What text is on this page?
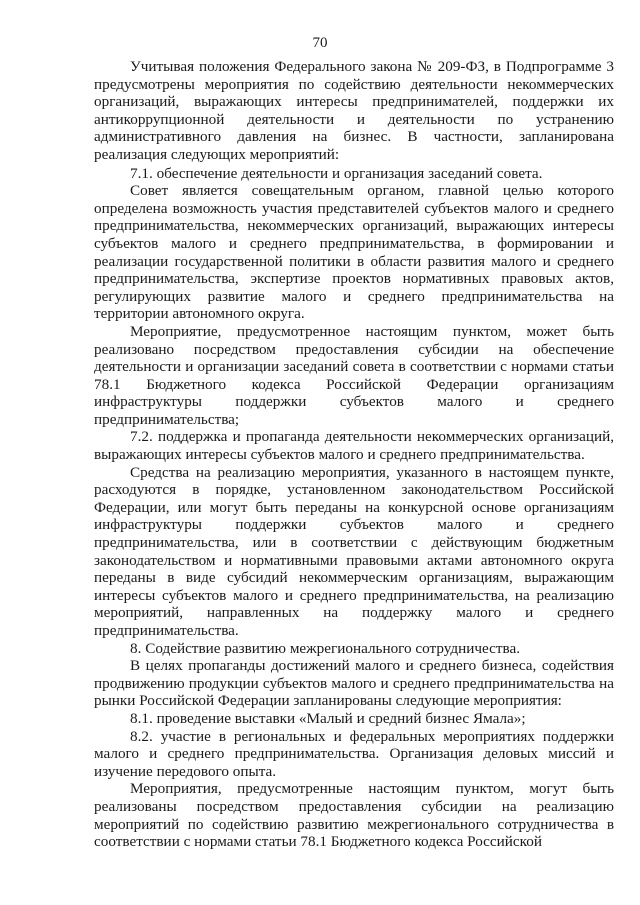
70

Учитывая положения Федерального закона № 209-ФЗ, в Подпрограмме 3 предусмотрены мероприятия по содействию деятельности некоммерческих организаций, выражающих интересы предпринимателей, поддержки их антикоррупционной деятельности и деятельности по устранению административного давления на бизнес. В частности, запланирована реализация следующих мероприятий:

7.1. обеспечение деятельности и организация заседаний совета.

Совет является совещательным органом, главной целью которого определена возможность участия представителей субъектов малого и среднего предпринимательства, некоммерческих организаций, выражающих интересы субъектов малого и среднего предпринимательства, в формировании и реализации государственной политики в области развития малого и среднего предпринимательства, экспертизе проектов нормативных правовых актов, регулирующих развитие малого и среднего предпринимательства на территории автономного округа.

Мероприятие, предусмотренное настоящим пунктом, может быть реализовано посредством предоставления субсидии на обеспечение деятельности и организации заседаний совета в соответствии с нормами статьи 78.1 Бюджетного кодекса Российской Федерации организациям инфраструктуры поддержки субъектов малого и среднего предпринимательства;

7.2. поддержка и пропаганда деятельности некоммерческих организаций, выражающих интересы субъектов малого и среднего предпринимательства.

Средства на реализацию мероприятия, указанного в настоящем пункте, расходуются в порядке, установленном законодательством Российской Федерации, или могут быть переданы на конкурсной основе организациям инфраструктуры поддержки субъектов малого и среднего предпринимательства, или в соответствии с действующим бюджетным законодательством и нормативными правовыми актами автономного округа переданы в виде субсидий некоммерческим организациям, выражающим интересы субъектов малого и среднего предпринимательства, на реализацию мероприятий, направленных на поддержку малого и среднего предпринимательства.

8. Содействие развитию межрегионального сотрудничества.

В целях пропаганды достижений малого и среднего бизнеса, содействия продвижению продукции субъектов малого и среднего предпринимательства на рынки Российской Федерации запланированы следующие мероприятия:

8.1. проведение выставки «Малый и средний бизнес Ямала»;

8.2. участие в региональных и федеральных мероприятиях поддержки малого и среднего предпринимательства. Организация деловых миссий и изучение передового опыта.

Мероприятия, предусмотренные настоящим пунктом, могут быть реализованы посредством предоставления субсидии на реализацию мероприятий по содействию развитию межрегионального сотрудничества в соответствии с нормами статьи 78.1 Бюджетного кодекса Российской
